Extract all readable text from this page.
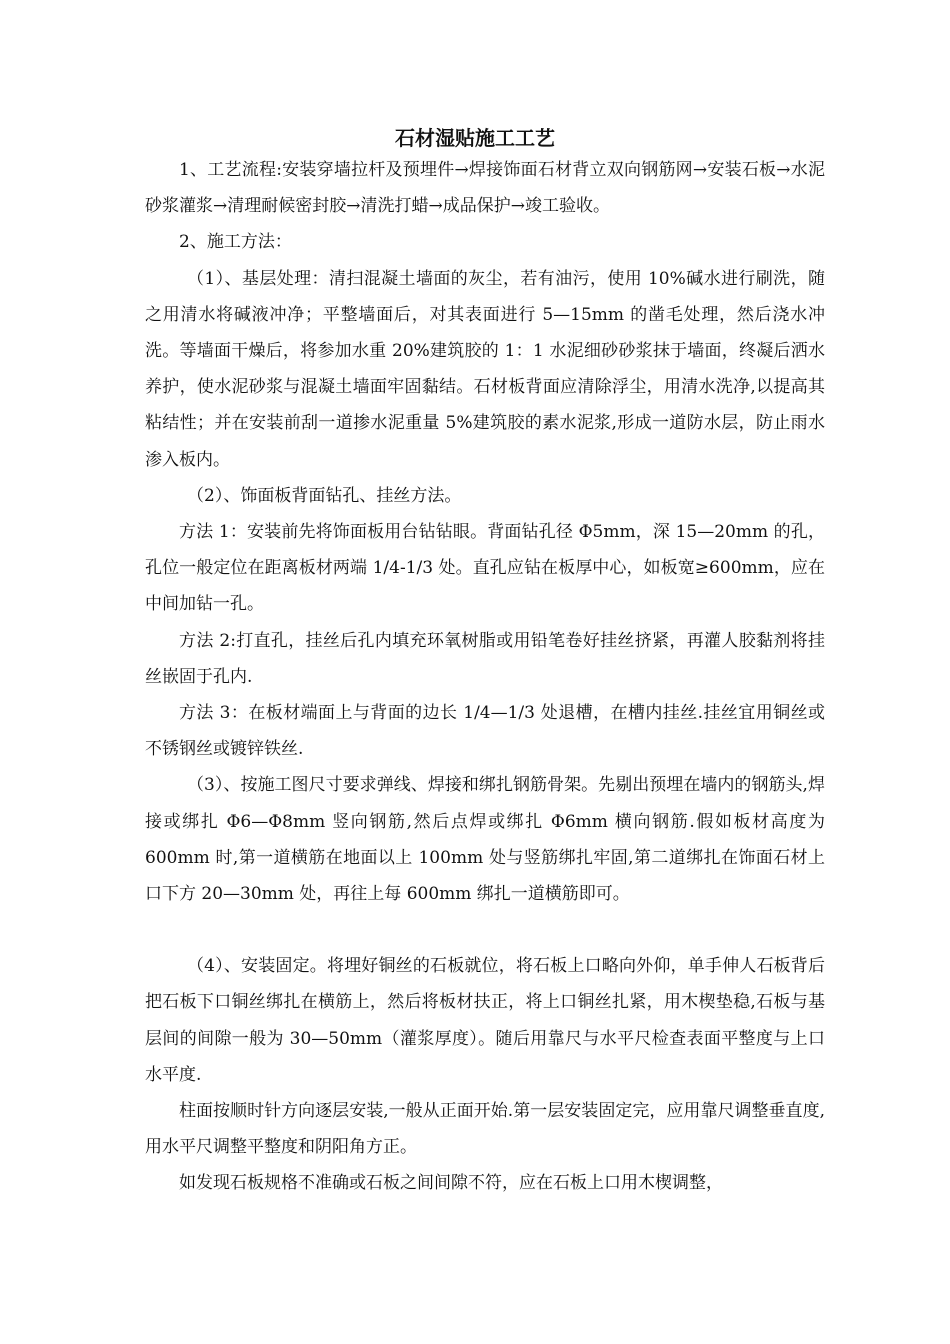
石材湿贴施工工艺

1、工艺流程:安装穿墙拉杆及预埋件→焊接饰面石材背立双向钢筋网→安装石板→水泥砂浆灌浆→清理耐候密封胶→清洗打蜡→成品保护→竣工验收。

2、施工方法：

（1）、基层处理：清扫混凝土墙面的灰尘，若有油污，使用 10%碱水进行刷洗，随之用清水将碱液冲净；平整墙面后，对其表面进行 5—15mm 的凿毛处理，然后浇水冲洗。等墙面干燥后，将参加水重 20%建筑胶的 1：1 水泥细砂砂浆抹于墙面，终凝后洒水养护，使水泥砂浆与混凝土墙面牢固黏结。石材板背面应清除浮尘，用清水洗净,以提高其粘结性；并在安装前刮一道掺水泥重量 5%建筑胶的素水泥浆,形成一道防水层，防止雨水渗入板内。

（2）、饰面板背面钻孔、挂丝方法。

方法 1：安装前先将饰面板用台钻钻眼。背面钻孔径 Φ5mm，深 15—20mm 的孔，孔位一般定位在距离板材两端 1/4-1/3 处。直孔应钻在板厚中心，如板宽≥600mm，应在中间加钻一孔。

方法 2:打直孔，挂丝后孔内填充环氧树脂或用铅笔卷好挂丝挤紧，再灌人胶黏剂将挂丝嵌固于孔内.

方法 3：在板材端面上与背面的边长 1/4—1/3 处退槽，在槽内挂丝.挂丝宜用铜丝或不锈钢丝或镀锌铁丝.

（3）、按施工图尺寸要求弹线、焊接和绑扎钢筋骨架。先剔出预埋在墙内的钢筋头,焊接或绑扎 Φ6—Φ8mm 竖向钢筋,然后点焊或绑扎 Φ6mm 横向钢筋.假如板材高度为 600mm 时,第一道横筋在地面以上 100mm 处与竖筋绑扎牢固,第二道绑扎在饰面石材上口下方 20—30mm 处，再往上每 600mm 绑扎一道横筋即可。

（4）、安装固定。将埋好铜丝的石板就位，将石板上口略向外仰，单手伸人石板背后把石板下口铜丝绑扎在横筋上，然后将板材扶正，将上口铜丝扎紧，用木楔垫稳,石板与基层间的间隙一般为 30—50mm（灌浆厚度）。随后用靠尺与水平尺检查表面平整度与上口水平度.

柱面按顺时针方向逐层安装,一般从正面开始.第一层安装固定完，应用靠尺调整垂直度,用水平尺调整平整度和阴阳角方正。

如发现石板规格不准确或石板之间间隙不符，应在石板上口用木楔调整，
